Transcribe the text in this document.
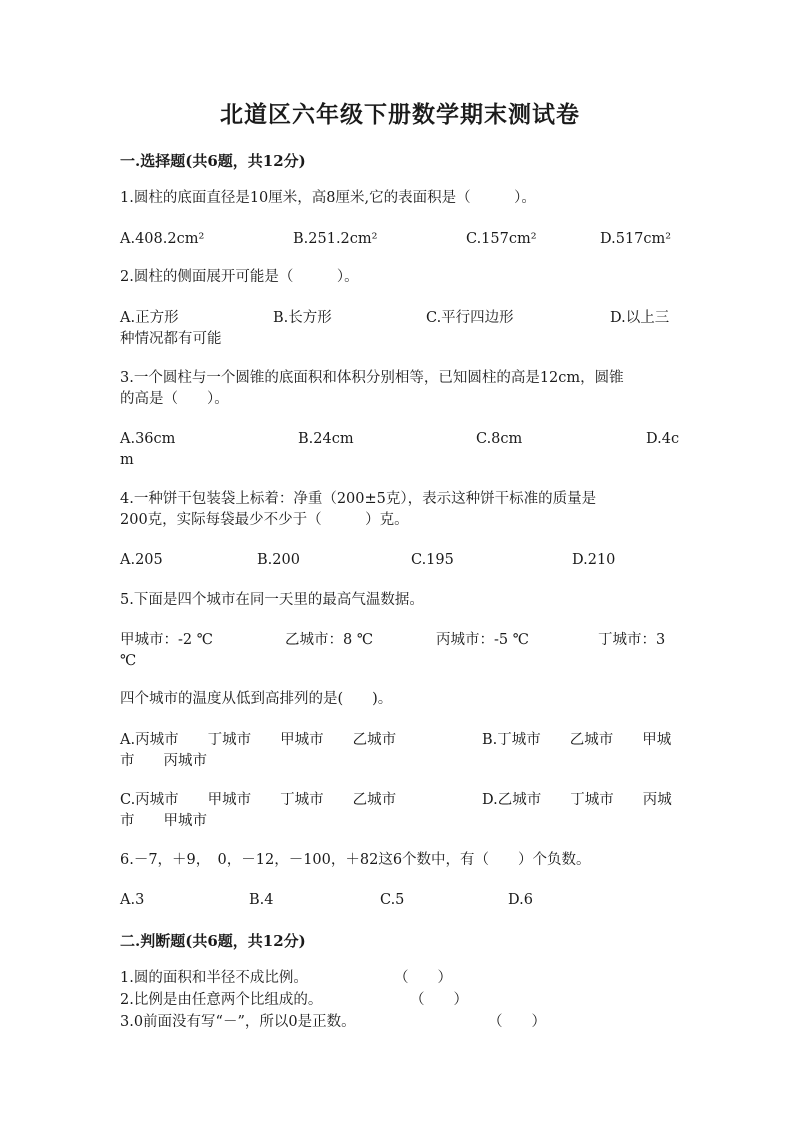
北道区六年级下册数学期末测试卷
一.选择题(共6题，共12分)
1.圆柱的底面直径是10厘米，高8厘米,它的表面积是（　　　）。
A.408.2cm²	B.251.2cm²	C.157cm²	D.517cm²
2.圆柱的侧面展开可能是（　　　）。
A.正方形	B.长方形	C.平行四边形	D.以上三
种情况都有可能
3.一个圆柱与一个圆锥的底面积和体积分别相等，已知圆柱的高是12cm，圆锥
的高是（　　）。
A.36cm	B.24cm	C.8cm	D.4c
m
4.一种饼干包装袋上标着：净重（200±5克），表示这种饼干标准的质量是
200克，实际每袋最少不少于（　　　）克。
A.205	B.200	C.195	D.210
5.下面是四个城市在同一天里的最高气温数据。
甲城市：-2 ℃	乙城市：8 ℃	丙城市：-5 ℃	丁城市：3
℃
四个城市的温度从低到高排列的是(　　)。
A.丙城市　　丁城市　　甲城市　　乙城市	B.丁城市　　乙城市　　甲城
市　　丙城市
C.丙城市　　甲城市　　丁城市　　乙城市	D.乙城市　　丁城市　　丙城
市　　甲城市
6.－7，＋9，　0，－12，－100，＋82这6个数中，有（　　）个负数。
A.3	B.4	C.5	D.6
二.判断题(共6题，共12分)
1.圆的面积和半径不成比例。	（　　）
2.比例是由任意两个比组成的。	（　　）
3.0前面没有写“－”，所以0是正数。	（　　）
